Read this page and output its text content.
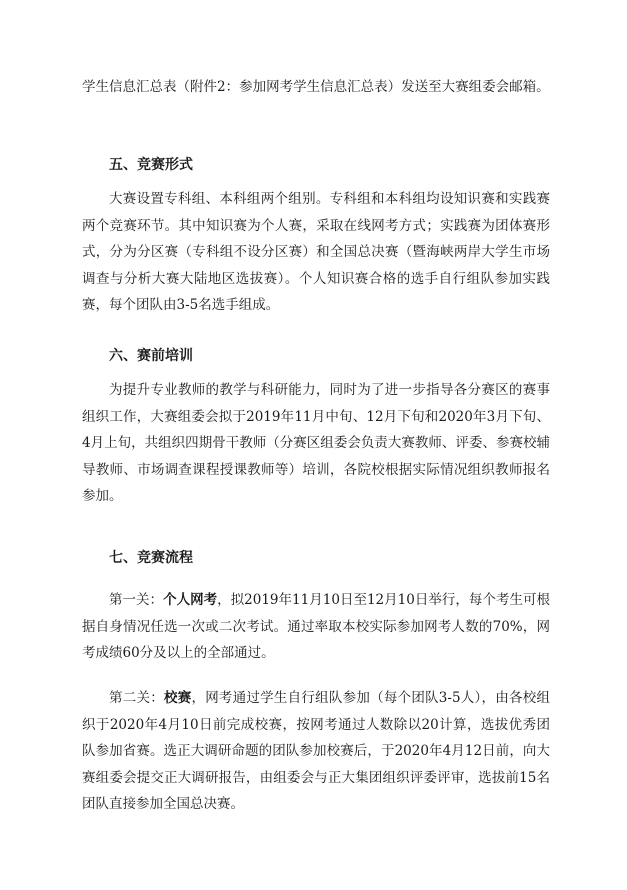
学生信息汇总表（附件2：参加网考学生信息汇总表）发送至大赛组委会邮箱。

五、竞赛形式

大赛设置专科组、本科组两个组别。专科组和本科组均设知识赛和实践赛两个竞赛环节。其中知识赛为个人赛，采取在线网考方式；实践赛为团体赛形式，分为分区赛（专科组不设分区赛）和全国总决赛（暨海峡两岸大学生市场调查与分析大赛大陆地区选拔赛）。个人知识赛合格的选手自行组队参加实践赛，每个团队由3-5名选手组成。

六、赛前培训

为提升专业教师的教学与科研能力，同时为了进一步指导各分赛区的赛事组织工作，大赛组委会拟于2019年11月中旬、12月下旬和2020年3月下旬、4月上旬，共组织四期骨干教师（分赛区组委会负责大赛教师、评委、参赛校辅导教师、市场调查课程授课教师等）培训，各院校根据实际情况组织教师报名参加。

七、竞赛流程

第一关：个人网考，拟2019年11月10日至12月10日举行，每个考生可根据自身情况任选一次或二次考试。通过率取本校实际参加网考人数的70%，网考成绩60分及以上的全部通过。

第二关：校赛，网考通过学生自行组队参加（每个团队3-5人），由各校组织于2020年4月10日前完成校赛，按网考通过人数除以20计算，选拔优秀团队参加省赛。选正大调研命题的团队参加校赛后，于2020年4月12日前，向大赛组委会提交正大调研报告，由组委会与正大集团组织评委评审，选拔前15名团队直接参加全国总决赛。
